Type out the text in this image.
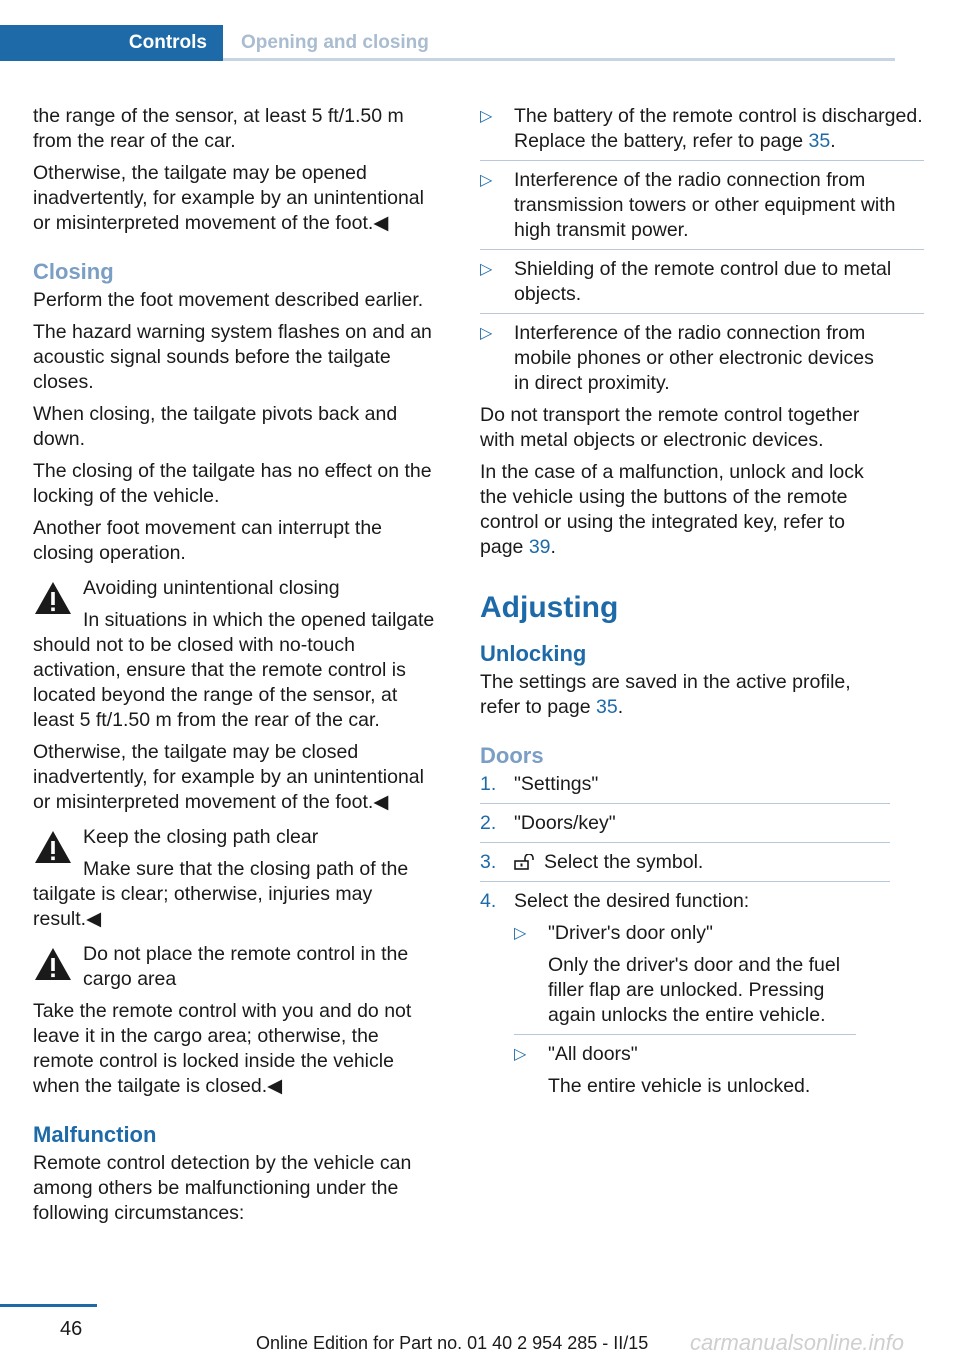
Controls	Opening and closing

the range of the sensor, at least 5 ft/1.50 m from the rear of the car.

Otherwise, the tailgate may be opened inadvertently, for example by an unintentional or misinterpreted movement of the foot.◀

Closing

Perform the foot movement described earlier.

The hazard warning system flashes on and an acoustic signal sounds before the tailgate closes.

When closing, the tailgate pivots back and down.

The closing of the tailgate has no effect on the locking of the vehicle.

Another foot movement can interrupt the closing operation.

Avoiding unintentional closing

In situations in which the opened tailgate should not to be closed with no-touch activation, ensure that the remote control is located beyond the range of the sensor, at least 5 ft/1.50 m from the rear of the car.

Otherwise, the tailgate may be closed inadvertently, for example by an unintentional or misinterpreted movement of the foot.◀

Keep the closing path clear

Make sure that the closing path of the tailgate is clear; otherwise, injuries may result.◀

Do not place the remote control in the cargo area

Take the remote control with you and do not leave it in the cargo area; otherwise, the remote control is locked inside the vehicle when the tailgate is closed.◀

Malfunction

Remote control detection by the vehicle can among others be malfunctioning under the following circumstances:

▷ The battery of the remote control is discharged. Replace the battery, refer to page 35.
▷ Interference of the radio connection from transmission towers or other equipment with high transmit power.
▷ Shielding of the remote control due to metal objects.
▷ Interference of the radio connection from mobile phones or other electronic devices in direct proximity.

Do not transport the remote control together with metal objects or electronic devices.

In the case of a malfunction, unlock and lock the vehicle using the buttons of the remote control or using the integrated key, refer to page 39.

Adjusting
Unlocking

The settings are saved in the active profile, refer to page 35.

Doors
1. "Settings"
2. "Doors/key"
3. Select the symbol.
4. Select the desired function:
▷ "Driver's door only"

Only the driver's door and the fuel filler flap are unlocked. Pressing again unlocks the entire vehicle.

▷ "All doors"

The entire vehicle is unlocked.

46
Online Edition for Part no. 01 40 2 954 285 - II/15 carmanualsonline.info
